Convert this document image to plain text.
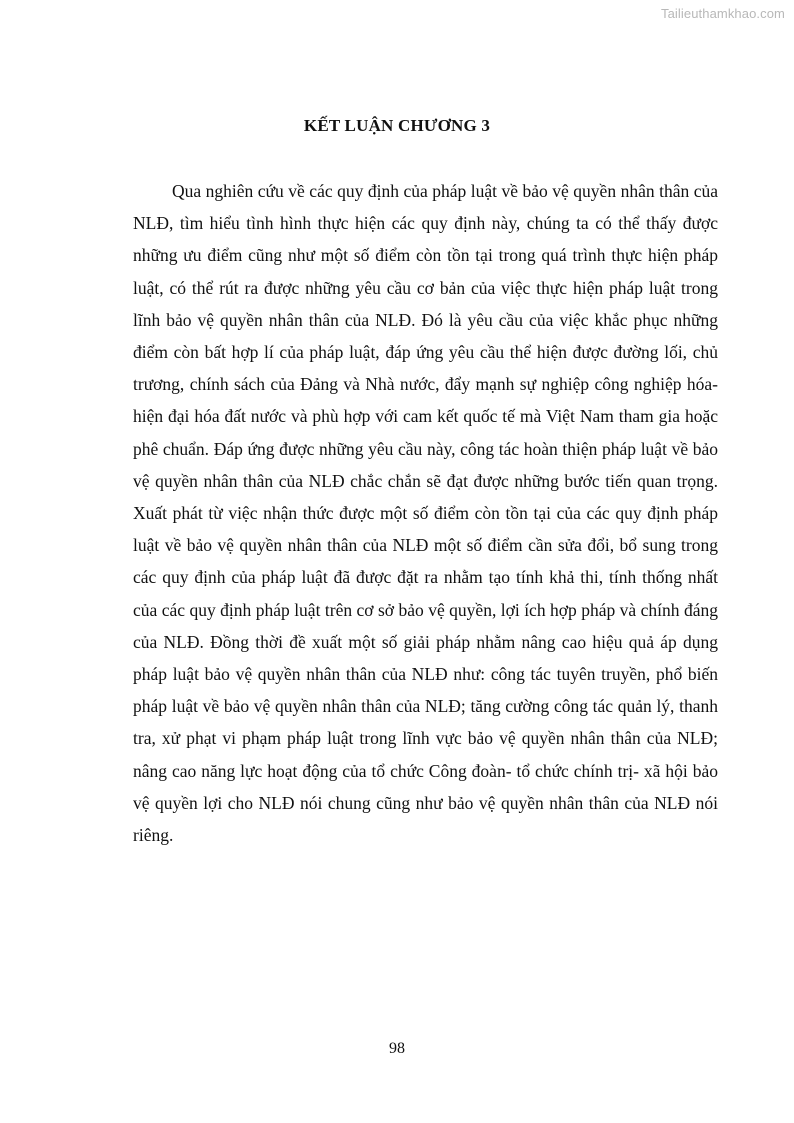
Tailieuthamkhao.com
KẾT LUẬN CHƯƠNG 3

Qua nghiên cứu về các quy định của pháp luật về bảo vệ quyền nhân thân của NLĐ, tìm hiểu tình hình thực hiện các quy định này, chúng ta có thể thấy được những ưu điểm cũng như một số điểm còn tồn tại trong quá trình thực hiện pháp luật, có thể rút ra được những yêu cầu cơ bản của việc thực hiện pháp luật trong lĩnh bảo vệ quyền nhân thân của NLĐ. Đó là yêu cầu của việc khắc phục những điểm còn bất hợp lí của pháp luật, đáp ứng yêu cầu thể hiện được đường lối, chủ trương, chính sách của Đảng và Nhà nước, đẩy mạnh sự nghiệp công nghiệp hóa- hiện đại hóa đất nước và phù hợp với cam kết quốc tế mà Việt Nam tham gia hoặc phê chuẩn. Đáp ứng được những yêu cầu này, công tác hoàn thiện pháp luật về bảo vệ quyền nhân thân của NLĐ chắc chắn sẽ đạt được những bước tiến quan trọng. Xuất phát từ việc nhận thức được một số điểm còn tồn tại của các quy định pháp luật về bảo vệ quyền nhân thân của NLĐ một số điểm cần sửa đổi, bổ sung trong các quy định của pháp luật đã được đặt ra nhằm tạo tính khả thi, tính thống nhất của các quy định pháp luật trên cơ sở bảo vệ quyền, lợi ích hợp pháp và chính đáng của NLĐ. Đồng thời đề xuất một số giải pháp nhằm nâng cao hiệu quả áp dụng pháp luật bảo vệ quyền nhân thân của NLĐ như: công tác tuyên truyền, phổ biến pháp luật về bảo vệ quyền nhân thân của NLĐ; tăng cường công tác quản lý, thanh tra, xử phạt vi phạm pháp luật trong lĩnh vực bảo vệ quyền nhân thân của NLĐ; nâng cao năng lực hoạt động của tổ chức Công đoàn- tổ chức chính trị- xã hội bảo vệ quyền lợi cho NLĐ nói chung cũng như bảo vệ quyền nhân thân của NLĐ nói riêng.

98
